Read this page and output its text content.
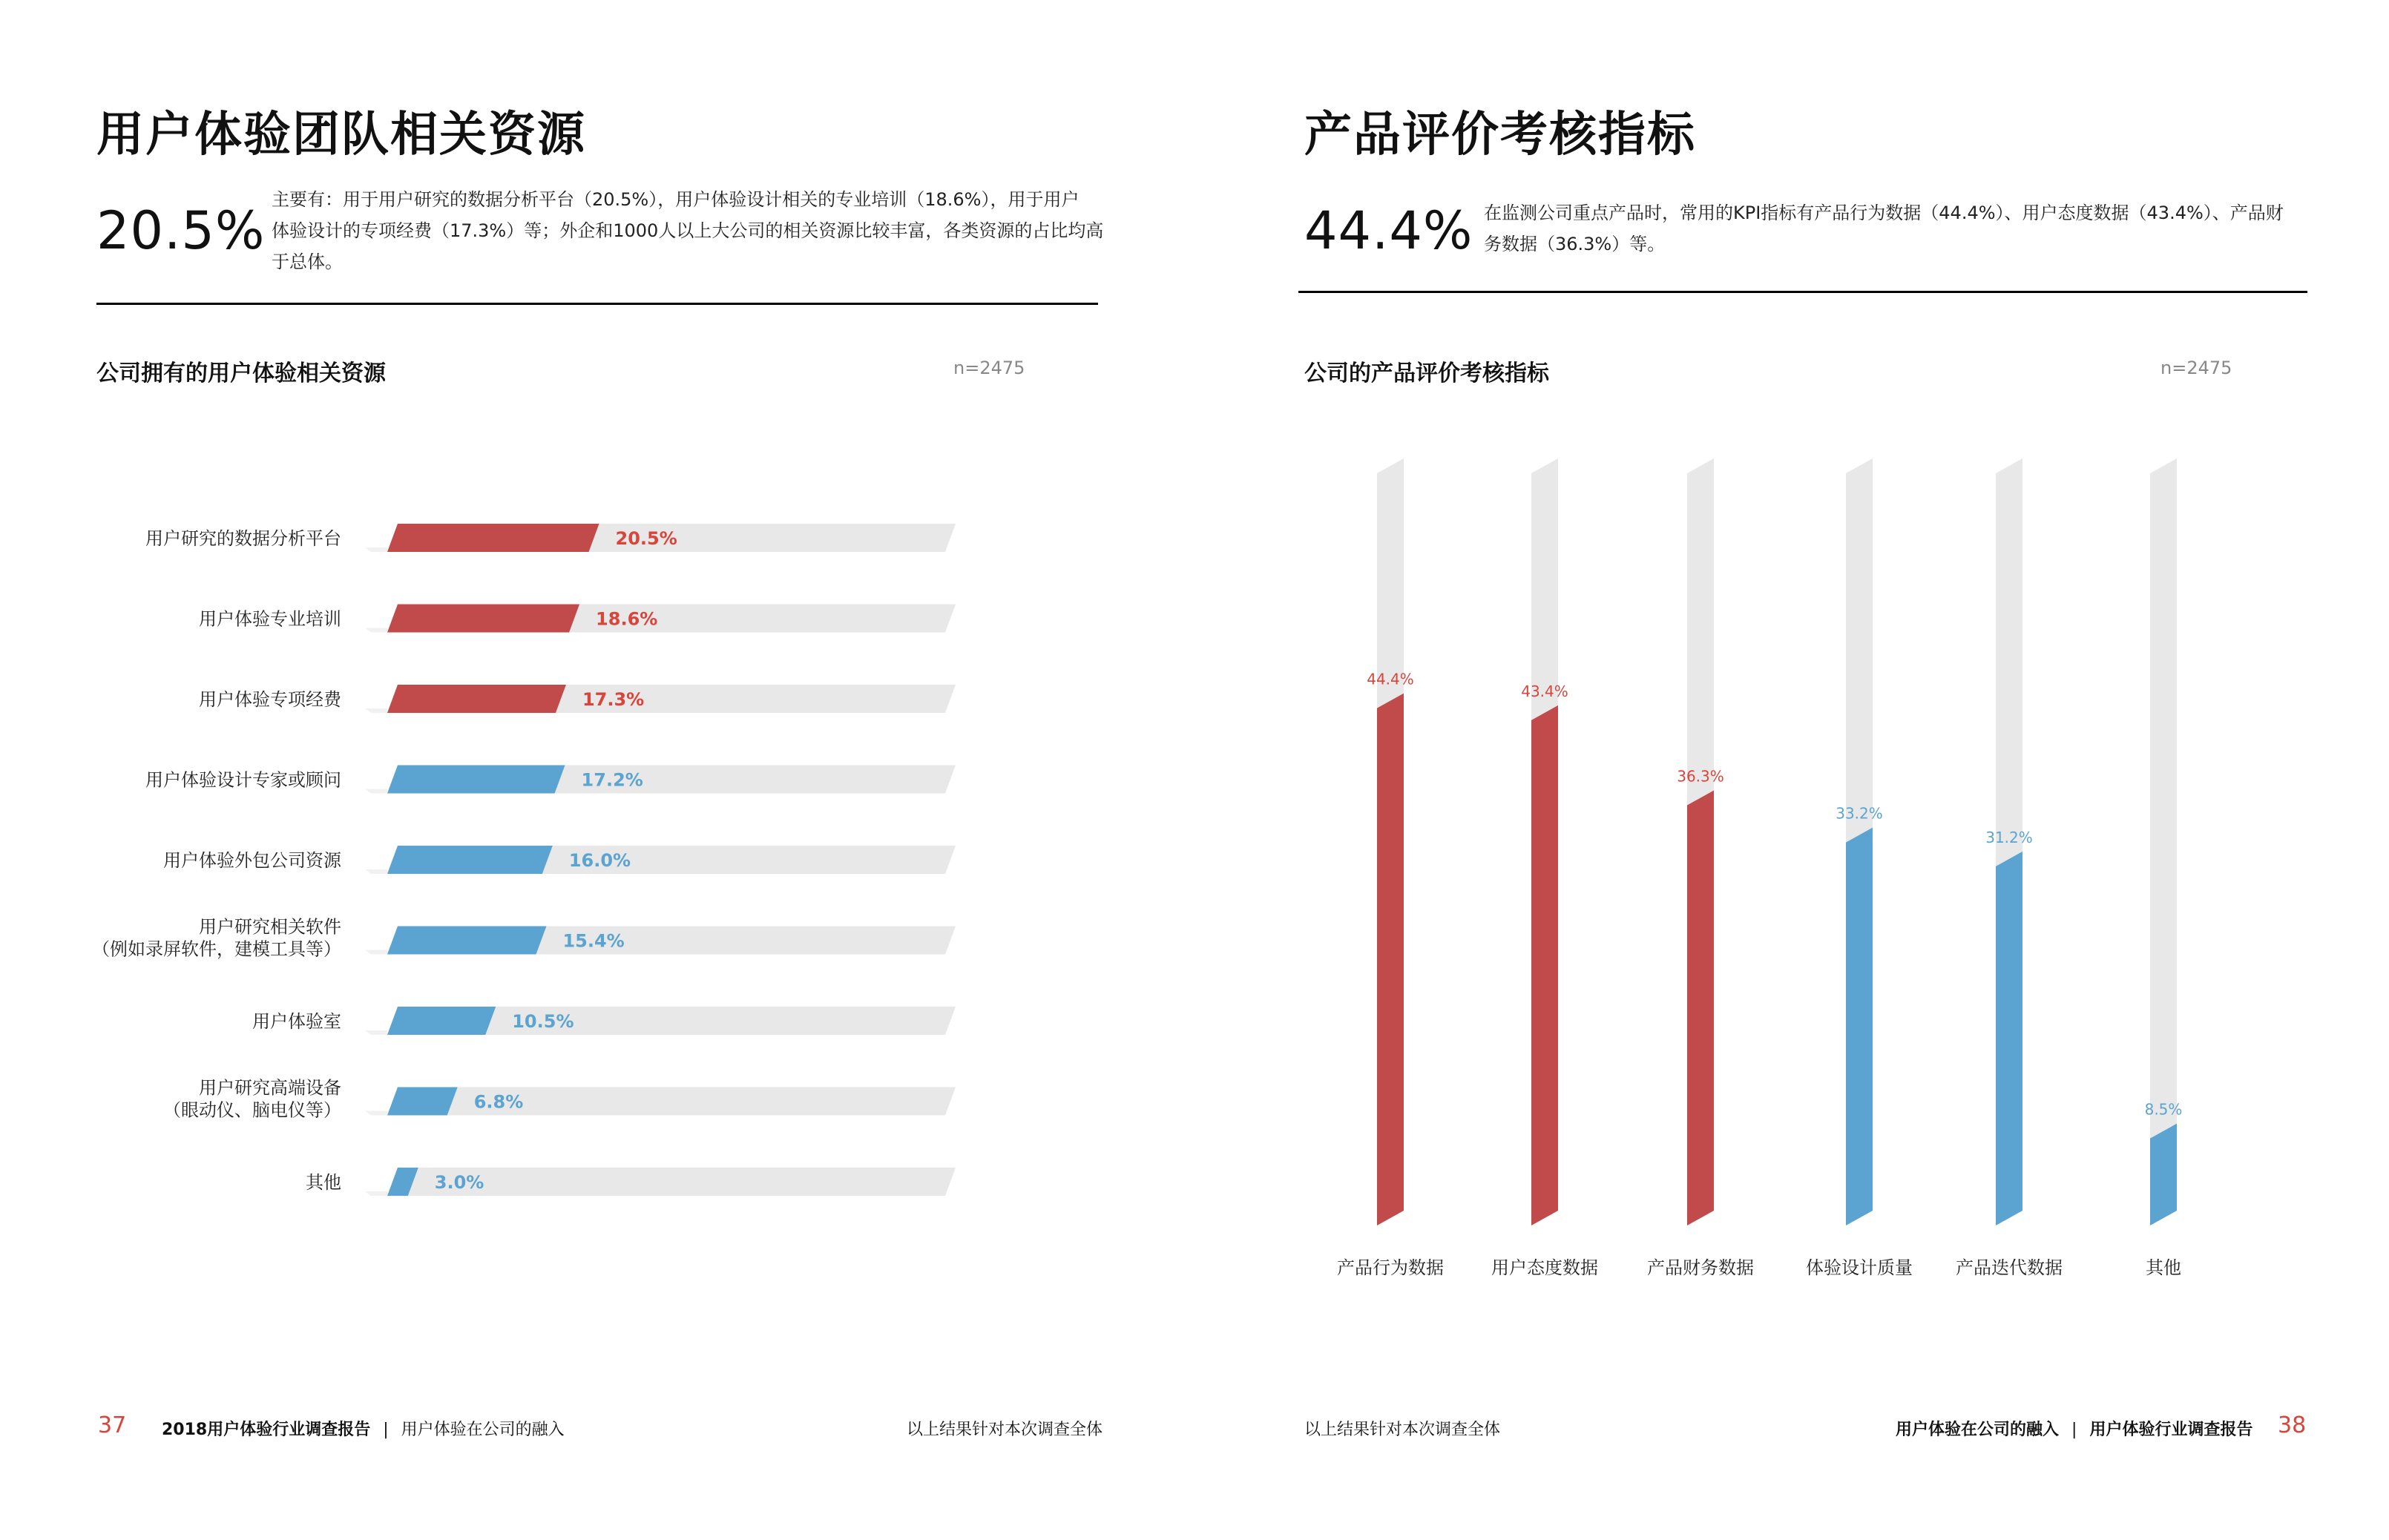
用户体验团队相关资源
20.5%
主要有：用于用户研究的数据分析平台（20.5%），用户体验设计相关的专业培训（18.6%），用于用户
体验设计的专项经费（17.3%）等；外企和1000人以上大公司的相关资源比较丰富，各类资源的占比均高
于总体。
公司拥有的用户体验相关资源	n=2475
20.5%
用户研究的数据分析平台
18.6%
用户体验专业培训
17.3%
用户体验专项经费
17.2%
用户体验设计专家或顾问
16.0%
用户体验外包公司资源
15.4%
用户研究相关软件
（例如录屏软件，建模工具等）
10.5%
用户体验室
6.8%
用户研究高端设备
（眼动仪、脑电仪等）
3.0%
其他
37 2018用户体验行业调查报告 | 用户体验在公司的融入	以上结果针对本次调查全体
产品评价考核指标
44.4% 在监测公司重点产品时，常用的KPI指标有产品行为数据（44.4%）、用户态度数据（43.4%）、产品财
务数据（36.3%）等。
公司的产品评价考核指标	n=2475
44.4%
产品行为数据
43.4%
用户态度数据
36.3%
产品财务数据
33.2%
体验设计质量
31.2%
产品迭代数据
8.5%
其他
以上结果针对本次调查全体	用户体验在公司的融入 | 用户体验行业调查报告 38
